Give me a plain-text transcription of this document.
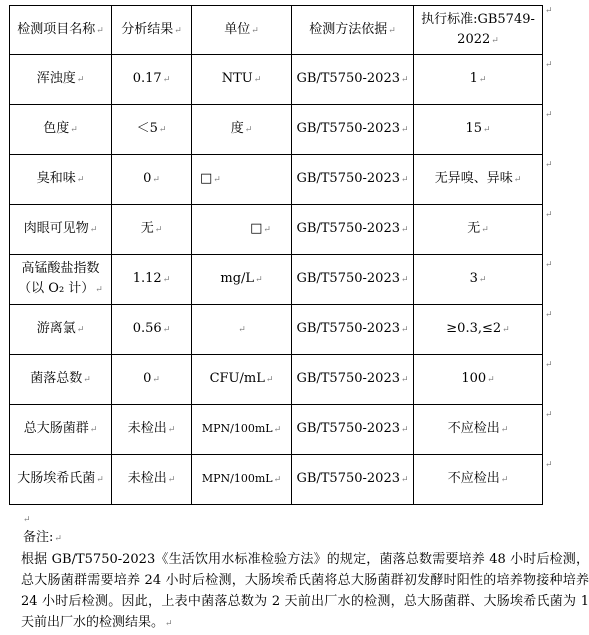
检测项目名称↵	分析结果↵	单位↵	检测方法依据↵	执行标准:GB5749-2022↵
浑浊度↵	0.17↵	NTU↵	GB/T5750-2023↵	1↵
色度↵	＜5↵	度↵	GB/T5750-2023↵	15↵
臭和味↵	0↵	□↵	GB/T5750-2023↵	无异嗅、异味↵
肉眼可见物↵	无↵	□↵	GB/T5750-2023↵	无↵
高锰酸盐指数（以 O₂ 计）↵	1.12↵	mg/L↵	GB/T5750-2023↵	3↵
游离氯↵	0.56↵	↵	GB/T5750-2023↵	≥0.3,≤2↵
菌落总数↵	0↵	CFU/mL↵	GB/T5750-2023↵	100↵
总大肠菌群↵	未检出↵	MPN/100mL↵	GB/T5750-2023↵	不应检出↵
大肠埃希氏菌↵	未检出↵	MPN/100mL↵	GB/T5750-2023↵	不应检出↵
↵
↵
↵
↵
↵
↵
↵
↵
↵
↵
↵
备注:↵
根据 GB/T5750-2023《生活饮用水标准检验方法》的规定，菌落总数需要培养 48 小时后检测，总大肠菌群需要培养 24 小时后检测，大肠埃希氏菌将总大肠菌群初发酵时阳性的培养物接种培养 24 小时后检测。因此，上表中菌落总数为 2 天前出厂水的检测，总大肠菌群、大肠埃希氏菌为 1 天前出厂水的检测结果。↵
